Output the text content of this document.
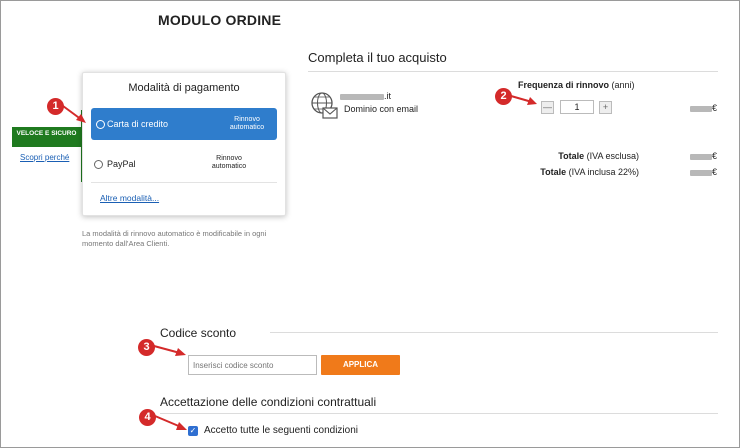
MODULO ORDINE
VELOCE E SICURO
Scopri perché
Modalità di pagamento
Carta di credito	Rinnovo automatico
PayPal
Rinnovo automatico
Altre modalità...
La modalità di rinnovo automatico è modificabile in ogni momento dall'Area Clienti.
1
2
3
4
Completa il tuo acquisto
.it
Dominio con email
Frequenza di rinnovo (anni)
—	1	+	€
Totale (IVA esclusa)	€
Totale (IVA inclusa 22%)	€
Codice sconto
Inserisci codice sconto
APPLICA
Accettazione delle condizioni contrattuali
✓ Accetto tutte le seguenti condizioni
